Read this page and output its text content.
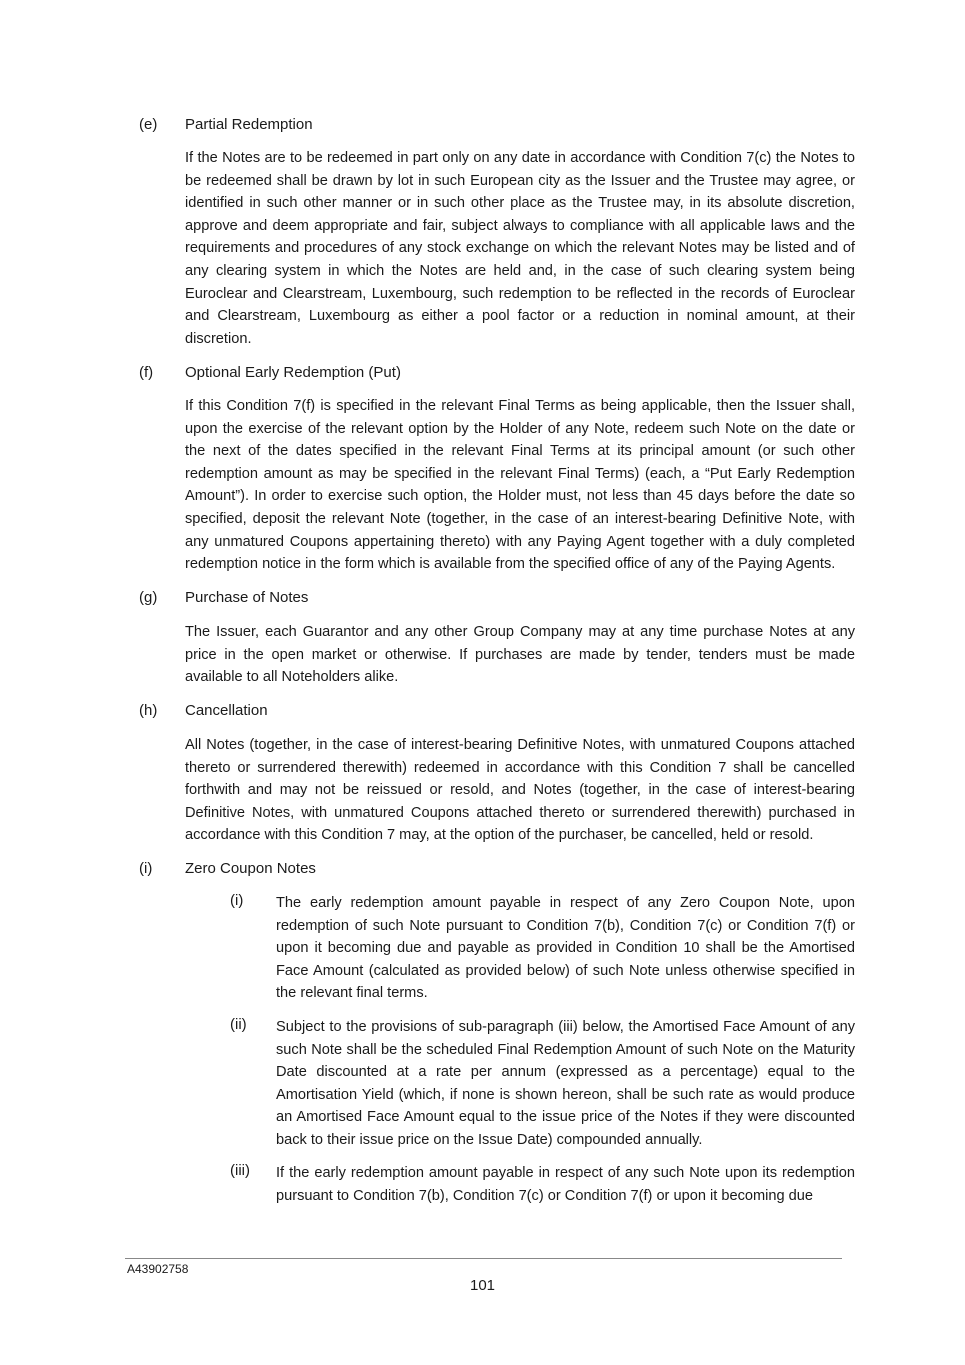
(e) Partial Redemption
If the Notes are to be redeemed in part only on any date in accordance with Condition 7(c) the Notes to be redeemed shall be drawn by lot in such European city as the Issuer and the Trustee may agree, or identified in such other manner or in such other place as the Trustee may, in its absolute discretion, approve and deem appropriate and fair, subject always to compliance with all applicable laws and the requirements and procedures of any stock exchange on which the relevant Notes may be listed and of any clearing system in which the Notes are held and, in the case of such clearing system being Euroclear and Clearstream, Luxembourg, such redemption to be reflected in the records of Euroclear and Clearstream, Luxembourg as either a pool factor or a reduction in nominal amount, at their discretion.
(f) Optional Early Redemption (Put)
If this Condition 7(f) is specified in the relevant Final Terms as being applicable, then the Issuer shall, upon the exercise of the relevant option by the Holder of any Note, redeem such Note on the date or the next of the dates specified in the relevant Final Terms at its principal amount (or such other redemption amount as may be specified in the relevant Final Terms) (each, a “Put Early Redemption Amount”). In order to exercise such option, the Holder must, not less than 45 days before the date so specified, deposit the relevant Note (together, in the case of an interest-bearing Definitive Note, with any unmatured Coupons appertaining thereto) with any Paying Agent together with a duly completed redemption notice in the form which is available from the specified office of any of the Paying Agents.
(g) Purchase of Notes
The Issuer, each Guarantor and any other Group Company may at any time purchase Notes at any price in the open market or otherwise. If purchases are made by tender, tenders must be made available to all Noteholders alike.
(h) Cancellation
All Notes (together, in the case of interest-bearing Definitive Notes, with unmatured Coupons attached thereto or surrendered therewith) redeemed in accordance with this Condition 7 shall be cancelled forthwith and may not be reissued or resold, and Notes (together, in the case of interest-bearing Definitive Notes, with unmatured Coupons attached thereto or surrendered therewith) purchased in accordance with this Condition 7 may, at the option of the purchaser, be cancelled, held or resold.
(i) Zero Coupon Notes
(i) The early redemption amount payable in respect of any Zero Coupon Note, upon redemption of such Note pursuant to Condition 7(b), Condition 7(c) or Condition 7(f) or upon it becoming due and payable as provided in Condition 10 shall be the Amortised Face Amount (calculated as provided below) of such Note unless otherwise specified in the relevant final terms.
(ii) Subject to the provisions of sub-paragraph (iii) below, the Amortised Face Amount of any such Note shall be the scheduled Final Redemption Amount of such Note on the Maturity Date discounted at a rate per annum (expressed as a percentage) equal to the Amortisation Yield (which, if none is shown hereon, shall be such rate as would produce an Amortised Face Amount equal to the issue price of the Notes if they were discounted back to their issue price on the Issue Date) compounded annually.
(iii) If the early redemption amount payable in respect of any such Note upon its redemption pursuant to Condition 7(b), Condition 7(c) or Condition 7(f) or upon it becoming due
A43902758
101
